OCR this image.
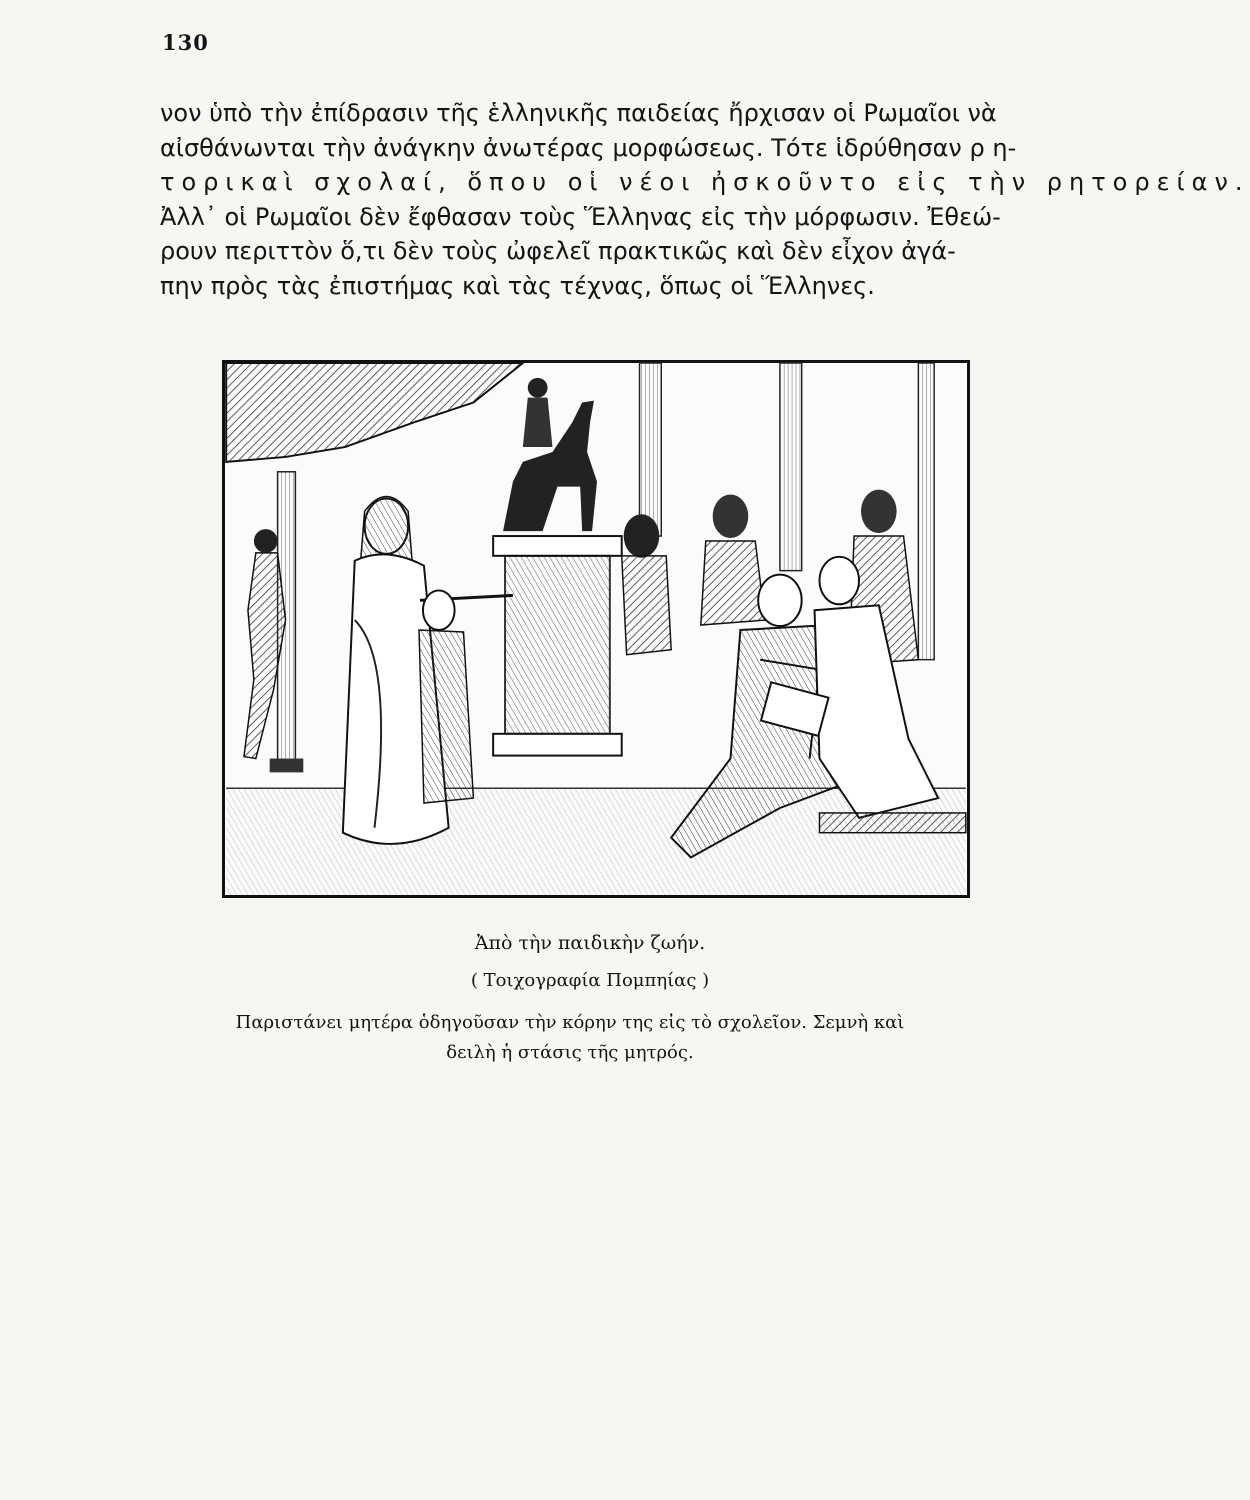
130
νον ὑπὸ τὴν ἐπίδρασιν τῆς ἑλληνικῆς παιδείας ἤρχισαν οἱ Ρωμαῖοι νὰ
αἰσθάνωνται τὴν ἀνάγκην ἀνωτέρας μορφώσεως. Τότε ἱδρύθησαν ρ η-
τορικαὶ σχολαί, ὅπου οἱ νέοι ἠσκοῦντο εἰς τὴν ρητορείαν.
Ἀλλ᾽ οἱ Ρωμαῖοι δὲν ἔφθασαν τοὺς Ἕλληνας εἰς τὴν μόρφωσιν. Ἐθεώ-
ρουν περιττὸν ὅ,τι δὲν τοὺς ὠφελεῖ πρακτικῶς καὶ δὲν εἶχον ἀγά-
πην πρὸς τὰς ἐπιστήμας καὶ τὰς τέχνας, ὅπως οἱ Ἕλληνες.
Ἀπὸ τὴν παιδικὴν ζωήν.
( Τοιχογραφία Πομπηίας )
Παριστάνει μητέρα ὁδηγοῦσαν τὴν κόρην της εἰς τὸ σχολεῖον. Σεμνὴ καὶ
δειλὴ ἡ στάσις τῆς μητρός.
